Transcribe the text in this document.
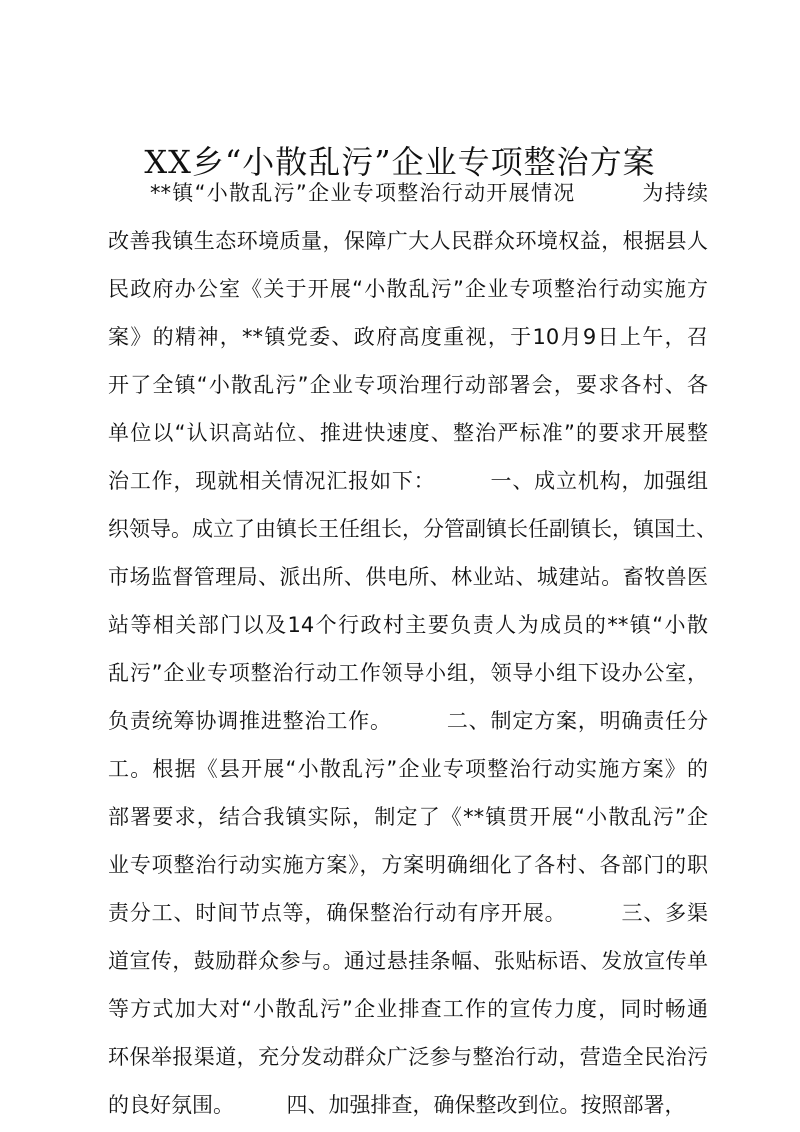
XX乡“小散乱污”企业专项整治方案
**镇“小散乱污”企业专项整治行动开展情况　　　为持续
改善我镇生态环境质量，保障广大人民群众环境权益，根据县人
民政府办公室《关于开展“小散乱污”企业专项整治行动实施方
案》的精神，**镇党委、政府高度重视，于10月9日上午，召
开了全镇“小散乱污”企业专项治理行动部署会，要求各村、各
单位以“认识高站位、推进快速度、整治严标准”的要求开展整
治工作，现就相关情况汇报如下：　　　一、成立机构，加强组
织领导。成立了由镇长王任组长，分管副镇长任副镇长，镇国土、
市场监督管理局、派出所、供电所、林业站、城建站。畜牧兽医
站等相关部门以及14个行政村主要负责人为成员的**镇“小散
乱污”企业专项整治行动工作领导小组，领导小组下设办公室，
负责统筹协调推进整治工作。　　　二、制定方案，明确责任分
工。根据《县开展“小散乱污”企业专项整治行动实施方案》的
部署要求，结合我镇实际，制定了《**镇贯开展“小散乱污”企
业专项整治行动实施方案》，方案明确细化了各村、各部门的职
责分工、时间节点等，确保整治行动有序开展。　　　三、多渠
道宣传，鼓励群众参与。通过悬挂条幅、张贴标语、发放宣传单
等方式加大对“小散乱污”企业排查工作的宣传力度，同时畅通
环保举报渠道，充分发动群众广泛参与整治行动，营造全民治污
的良好氛围。　　　四、加强排查，确保整改到位。按照部署，
